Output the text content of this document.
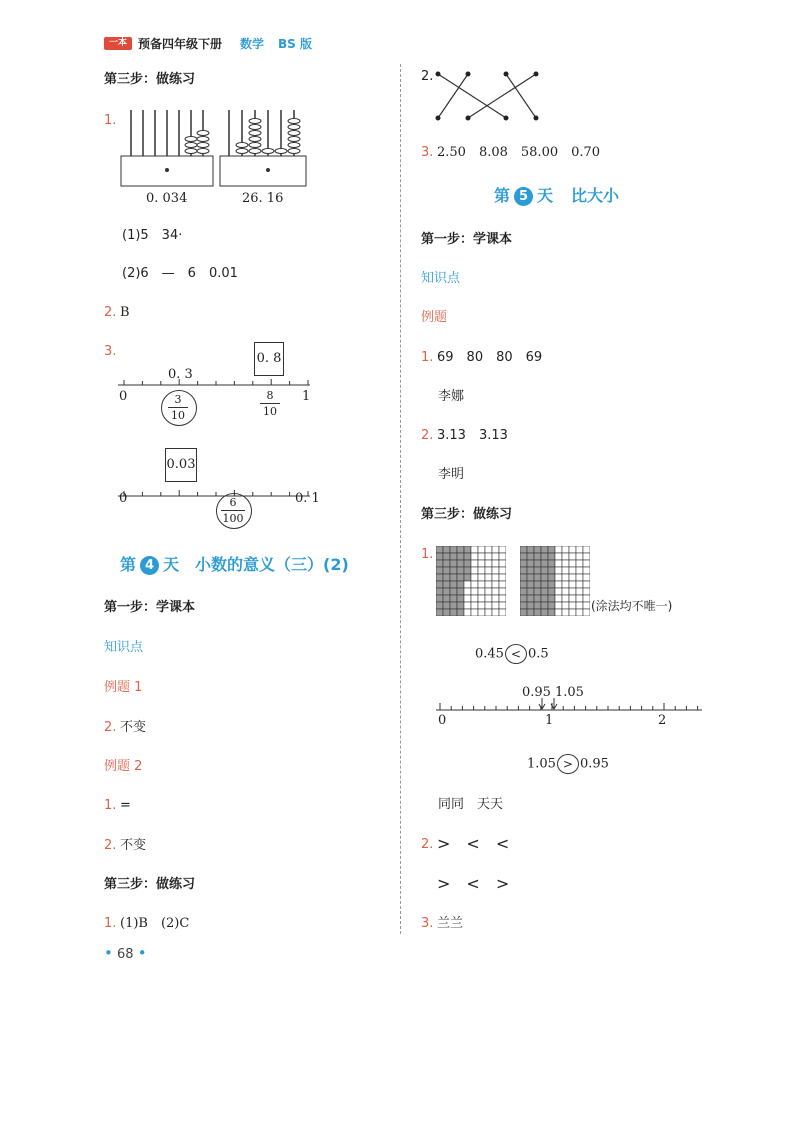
一本 预备四年级下册 数学 BS 版
第三步：做练习
1.
0. 034	26. 16
(1)5　34·
(2)6　—　6　0.01
2. B
3.
0	1
0. 3
0. 8
3
10
8
10
0	0. 1
0.03
6
100
第 4 天 小数的意义（三）(2)
第一步：学课本
知识点
例题 1
2. 不变
例题 2
1. =
2. 不变
第三步：做练习
1. (1)B　(2)C
• 68 •
2.
3. 2.50　8.08　58.00　0.70
第 5 天 比大小
第一步：学课本
知识点
例题
1. 69　80　80　69
李娜
2. 3.13　3.13
李明
第三步：做练习
1.
(涂法均不唯一)
0.45 < 0.5
0.95 1.05
0	1	2
1.05 > 0.95
同同　天天
2. >　<　<
>　<　>
3. 兰兰
